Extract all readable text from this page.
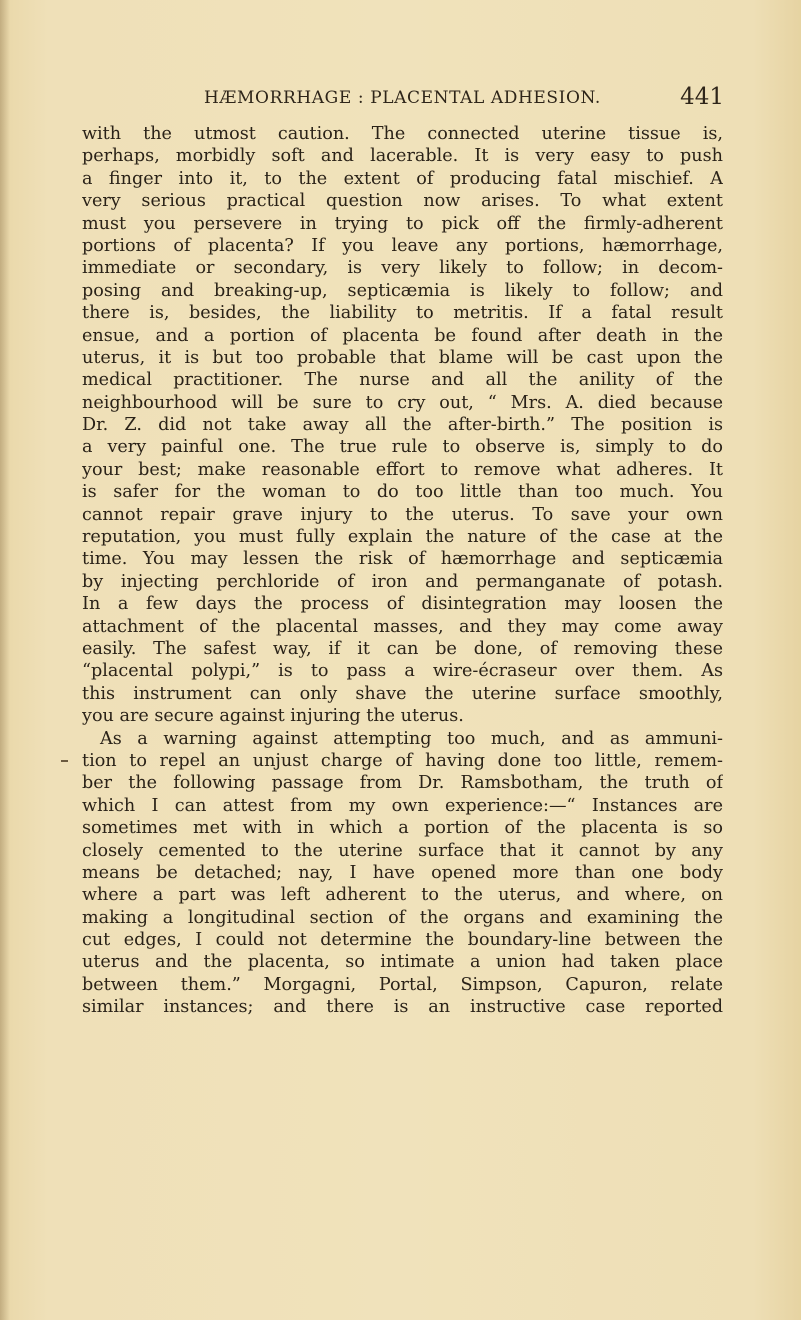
HÆMORRHAGE : PLACENTAL ADHESION.	441
with the utmost caution. The connected uterine tissue is,
perhaps, morbidly soft and lacerable. It is very easy to push
a finger into it, to the extent of producing fatal mischief. A
very serious practical question now arises. To what extent
must you persevere in trying to pick off the firmly-adherent
portions of placenta? If you leave any portions, hæmorrhage,
immediate or secondary, is very likely to follow; in decom-
posing and breaking-up, septicæmia is likely to follow; and
there is, besides, the liability to metritis. If a fatal result
ensue, and a portion of placenta be found after death in the
uterus, it is but too probable that blame will be cast upon the
medical practitioner. The nurse and all the anility of the
neighbourhood will be sure to cry out, “ Mrs. A. died because
Dr. Z. did not take away all the after-birth.” The position is
a very painful one. The true rule to observe is, simply to do
your best; make reasonable effort to remove what adheres. It
is safer for the woman to do too little than too much. You
cannot repair grave injury to the uterus. To save your own
reputation, you must fully explain the nature of the case at the
time. You may lessen the risk of hæmorrhage and septicæmia
by injecting perchloride of iron and permanganate of potash.
In a few days the process of disintegration may loosen the
attachment of the placental masses, and they may come away
easily. The safest way, if it can be done, of removing these
“placental polypi,” is to pass a wire-écraseur over them. As
this instrument can only shave the uterine surface smoothly,
you are secure against injuring the uterus.
As a warning against attempting too much, and as ammuni-
tion to repel an unjust charge of having done too little, remem-
ber the following passage from Dr. Ramsbotham, the truth of
which I can attest from my own experience:—“ Instances are
sometimes met with in which a portion of the placenta is so
closely cemented to the uterine surface that it cannot by any
means be detached; nay, I have opened more than one body
where a part was left adherent to the uterus, and where, on
making a longitudinal section of the organs and examining the
cut edges, I could not determine the boundary-line between the
uterus and the placenta, so intimate a union had taken place
between them.” Morgagni, Portal, Simpson, Capuron, relate
similar instances; and there is an instructive case reported
